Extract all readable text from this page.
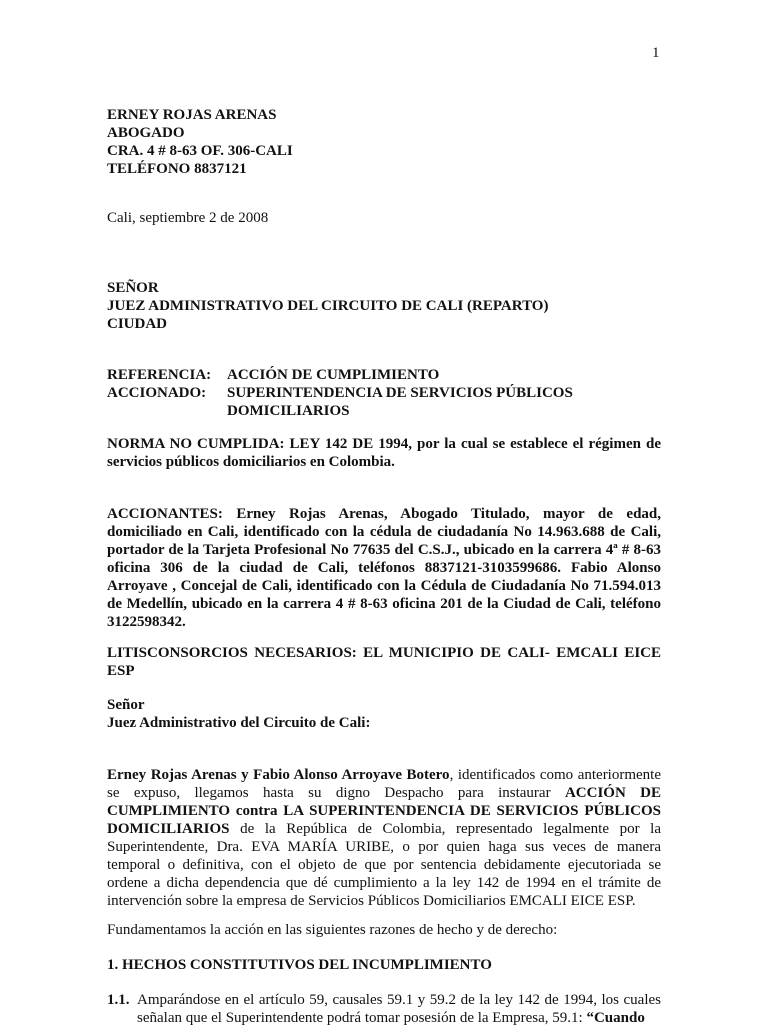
1
ERNEY ROJAS ARENAS
ABOGADO
CRA. 4 # 8-63 OF. 306-CALI
TELÉFONO 8837121
Cali, septiembre 2 de 2008
SEÑOR
JUEZ ADMINISTRATIVO DEL CIRCUITO DE CALI (REPARTO)
CIUDAD
REFERENCIA:	ACCIÓN DE CUMPLIMIENTO
ACCIONADO:	SUPERINTENDENCIA DE SERVICIOS PÚBLICOS
DOMICILIARIOS
NORMA NO CUMPLIDA: LEY 142 DE 1994, por la cual se establece el régimen de servicios públicos domiciliarios en Colombia.
ACCIONANTES: Erney Rojas Arenas, Abogado Titulado, mayor de edad, domiciliado en Cali, identificado con la cédula de ciudadanía No 14.963.688 de Cali, portador de la Tarjeta Profesional No 77635 del C.S.J., ubicado en la carrera 4ª # 8-63 oficina 306 de la ciudad de Cali, teléfonos 8837121-3103599686. Fabio Alonso Arroyave , Concejal de Cali, identificado con la Cédula de Ciudadanía No 71.594.013 de Medellín, ubicado en la carrera 4 # 8-63 oficina 201 de la Ciudad de Cali, teléfono 3122598342.
LITISCONSORCIOS NECESARIOS: EL MUNICIPIO DE CALI- EMCALI EICE ESP
Señor
Juez Administrativo del Circuito de Cali:
Erney Rojas Arenas y Fabio Alonso Arroyave Botero, identificados como anteriormente se expuso, llegamos hasta su digno Despacho para instaurar ACCIÓN DE CUMPLIMIENTO contra LA SUPERINTENDENCIA DE SERVICIOS PÚBLICOS DOMICILIARIOS de la República de Colombia, representado legalmente por la Superintendente, Dra. EVA MARÍA URIBE, o por quien haga sus veces de manera temporal o definitiva, con el objeto de que por sentencia debidamente ejecutoriada se ordene a dicha dependencia que dé cumplimiento a la ley 142 de 1994 en el trámite de intervención sobre la empresa de Servicios Públicos Domiciliarios EMCALI EICE ESP.
Fundamentamos la acción en las siguientes razones de hecho y de derecho:
1. HECHOS CONSTITUTIVOS DEL INCUMPLIMIENTO
1.1. Amparándose en el artículo 59, causales 59.1 y 59.2 de la ley 142 de 1994, los cuales señalan que el Superintendente podrá tomar posesión de la Empresa, 59.1: “Cuando
